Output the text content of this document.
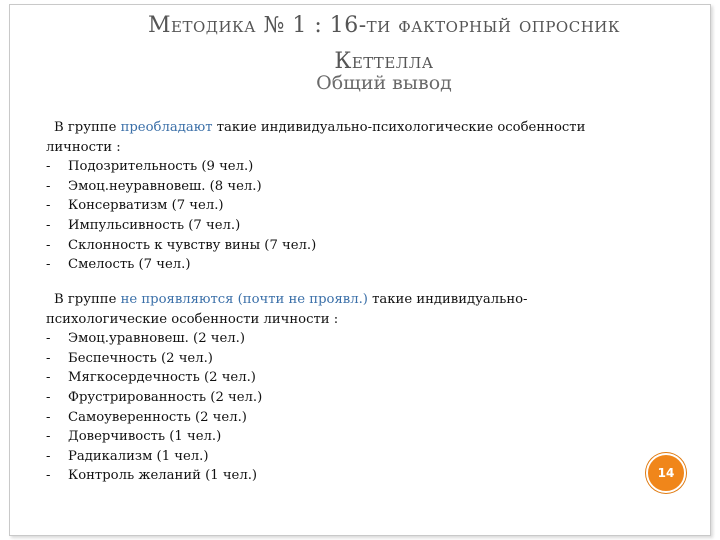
Методика № 1 : 16-ти факторный опросник
Кеттелла
Общий вывод
В группе преобладают такие индивидуально-психологические особенности
личности :
-	Подозрительность (9 чел.)
-	Эмоц.неуравновеш. (8 чел.)
-	Консерватизм (7 чел.)
-	Импульсивность (7 чел.)
-	Склонность к чувству вины (7 чел.)
-	Смелость (7 чел.)
В группе не проявляются (почти не проявл.) такие индивидуально-
психологические особенности личности :
-	Эмоц.уравновеш. (2 чел.)
-	Беспечность (2 чел.)
-	Мягкосердечность (2 чел.)
-	Фрустрированность (2 чел.)
-	Самоуверенность (2 чел.)
-	Доверчивость (1 чел.)
-	Радикализм (1 чел.)
-	Контроль желаний (1 чел.)	14
